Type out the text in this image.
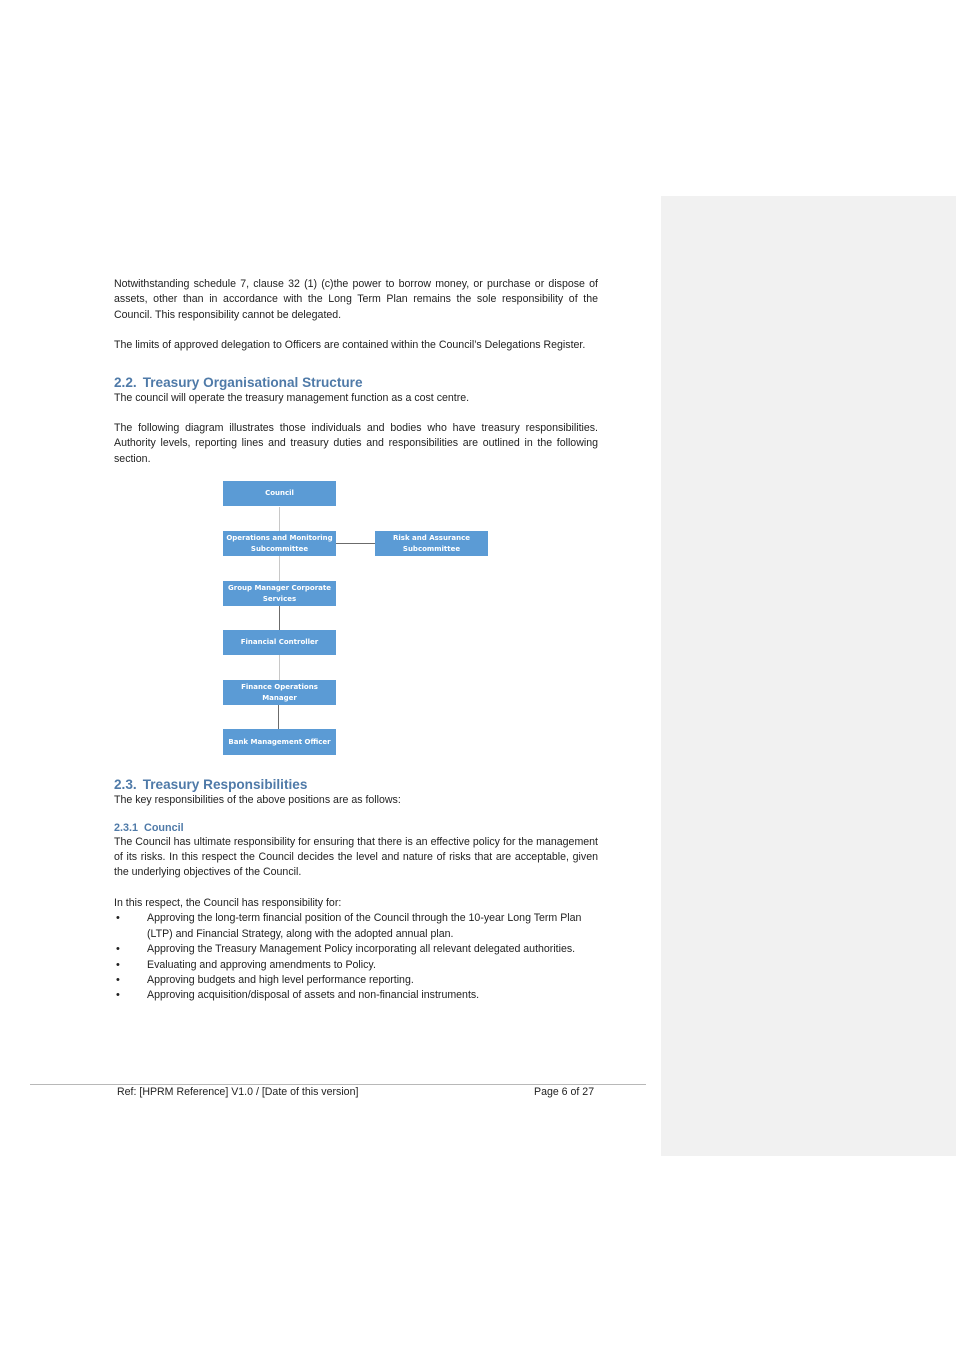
Notwithstanding schedule 7, clause 32 (1) (c)the power to borrow money, or purchase or dispose of assets, other than in accordance with the Long Term Plan remains the sole responsibility of the Council. This responsibility cannot be delegated.

The limits of approved delegation to Officers are contained within the Council’s Delegations Register.

2.2. Treasury Organisational Structure

The council will operate the treasury management function as a cost centre.

The following diagram illustrates those individuals and bodies who have treasury responsibilities. Authority levels, reporting lines and treasury duties and responsibilities are outlined in the following section.

Council
Operations and Monitoring Subcommittee
Risk and Assurance Subcommittee
Group Manager Corporate Services
Financial Controller
Finance Operations Manager
Bank Management Officer
2.3. Treasury Responsibilities

The key responsibilities of the above positions are as follows:

2.3.1 Council

The Council has ultimate responsibility for ensuring that there is an effective policy for the management of its risks. In this respect the Council decides the level and nature of risks that are acceptable, given the underlying objectives of the Council.

In this respect, the Council has responsibility for:

•	Approving the long-term financial position of the Council through the 10-year Long Term Plan (LTP) and Financial Strategy, along with the adopted annual plan.
•	Approving the Treasury Management Policy incorporating all relevant delegated authorities.
•	Evaluating and approving amendments to Policy.
•	Approving budgets and high level performance reporting.
•	Approving acquisition/disposal of assets and non-financial instruments.
Ref: [HPRM Reference] V1.0 / [Date of this version]	Page 6 of 27
